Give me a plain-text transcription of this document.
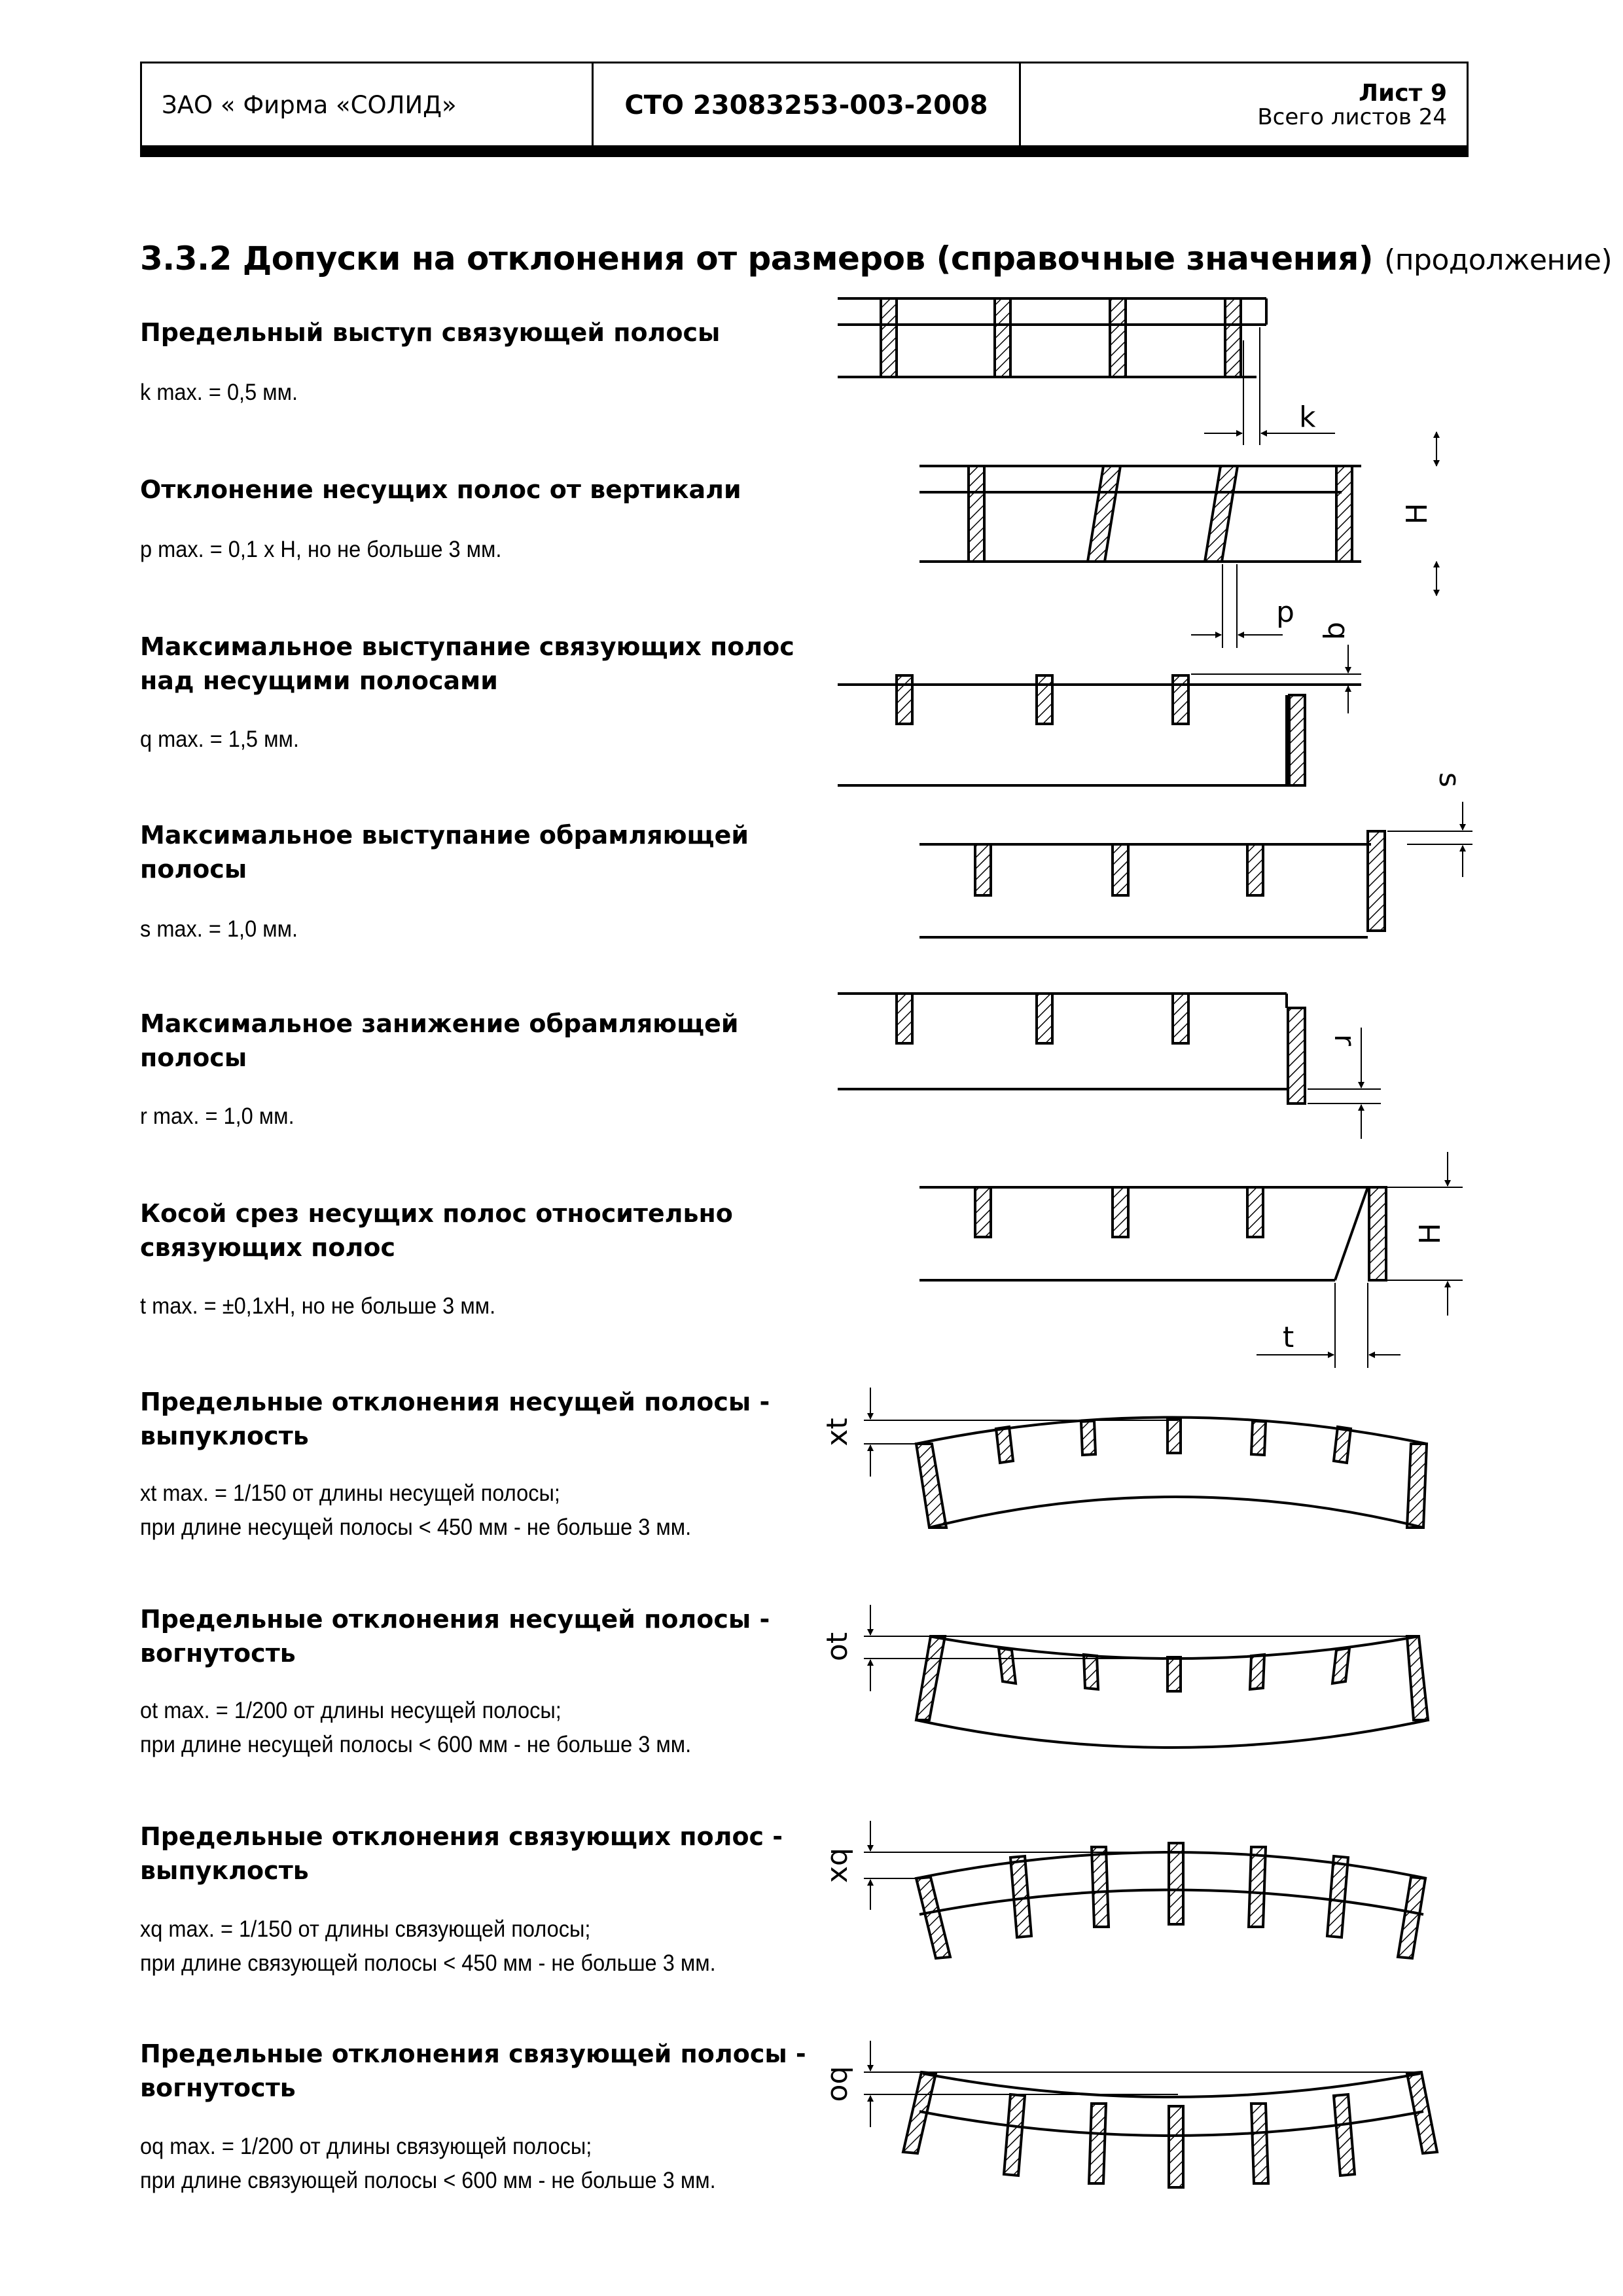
ЗАО « Фирма «СОЛИД»	СТО 23083253-003-2008	Лист 9
Всего листов 24
3.3.2 Допуски на отклонения от размеров (справочные значения) (продолжение)
Предельный выступ связующей полосы
k max. = 0,5 мм.
Отклонение несущих полос от вертикали
p max. = 0,1 x H, но не больше 3 мм.
Максимальное выступание связующих полос
над несущими полосами
q max. = 1,5 мм.
Максимальное выступание обрамляющей
полосы
s max. = 1,0 мм.
Максимальное занижение обрамляющей
полосы
r max. = 1,0 мм.
Косой срез несущих полос относительно
связующих полос
t max. = ±0,1xH, но не больше 3 мм.
Предельные отклонения несущей полосы -
выпуклость
xt max. = 1/150 от длины несущей полосы;
при длине несущей полосы < 450 мм - не больше 3 мм.
Предельные отклонения несущей полосы -
вогнутость
ot max. = 1/200 от длины несущей полосы;
при длине несущей полосы < 600 мм - не больше 3 мм.
Предельные отклонения связующих полос -
выпуклость
xq max. = 1/150 от длины связующей полосы;
при длине связующей полосы < 450 мм - не больше 3 мм.
Предельные отклонения связующей полосы -
вогнутость
oq max. = 1/200 от длины связующей полосы;
при длине связующей полосы < 600 мм - не больше 3 мм.
k
H
p
q
s
r
H
t
xt
ot
xq
oq
